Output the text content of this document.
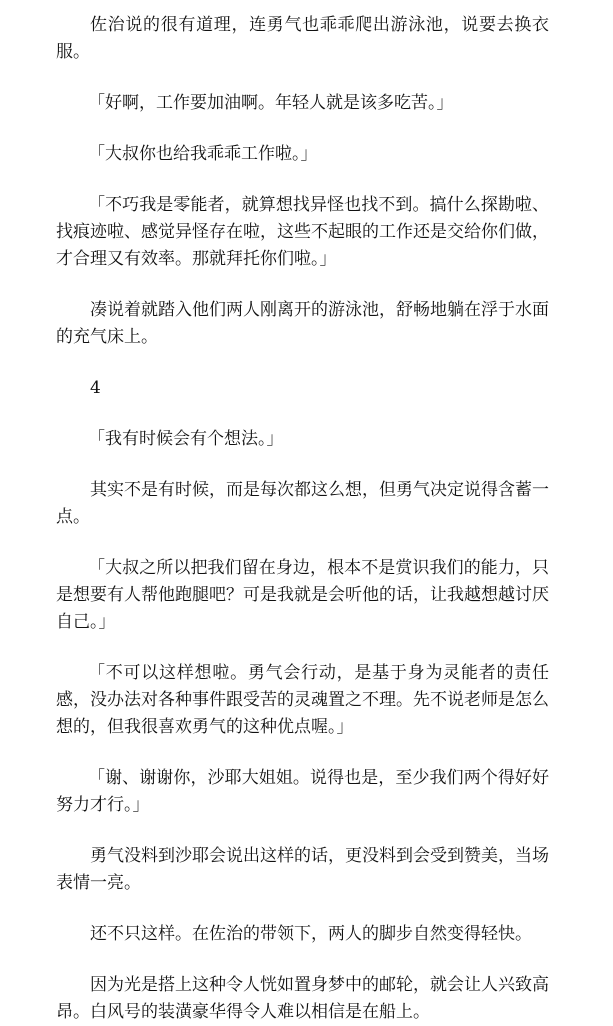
佐治说的很有道理，连勇气也乖乖爬出游泳池，说要去换衣服。

「好啊，工作要加油啊。年轻人就是该多吃苦。」

「大叔你也给我乖乖工作啦。」

「不巧我是零能者，就算想找异怪也找不到。搞什么探勘啦、找痕迹啦、感觉异怪存在啦，这些不起眼的工作还是交给你们做，才合理又有效率。那就拜托你们啦。」

凑说着就踏入他们两人刚离开的游泳池，舒畅地躺在浮于水面的充气床上。

4

「我有时候会有个想法。」

其实不是有时候，而是每次都这么想，但勇气决定说得含蓄一点。

「大叔之所以把我们留在身边，根本不是赏识我们的能力，只是想要有人帮他跑腿吧？可是我就是会听他的话，让我越想越讨厌自己。」

「不可以这样想啦。勇气会行动，是基于身为灵能者的责任感，没办法对各种事件跟受苦的灵魂置之不理。先不说老师是怎么想的，但我很喜欢勇气的这种优点喔。」

「谢、谢谢你，沙耶大姐姐。说得也是，至少我们两个得好好努力才行。」

勇气没料到沙耶会说出这样的话，更没料到会受到赞美，当场表情一亮。

还不只这样。在佐治的带领下，两人的脚步自然变得轻快。

因为光是搭上这种令人恍如置身梦中的邮轮，就会让人兴致高昂。白风号的装潢豪华得令人难以相信是在船上。
